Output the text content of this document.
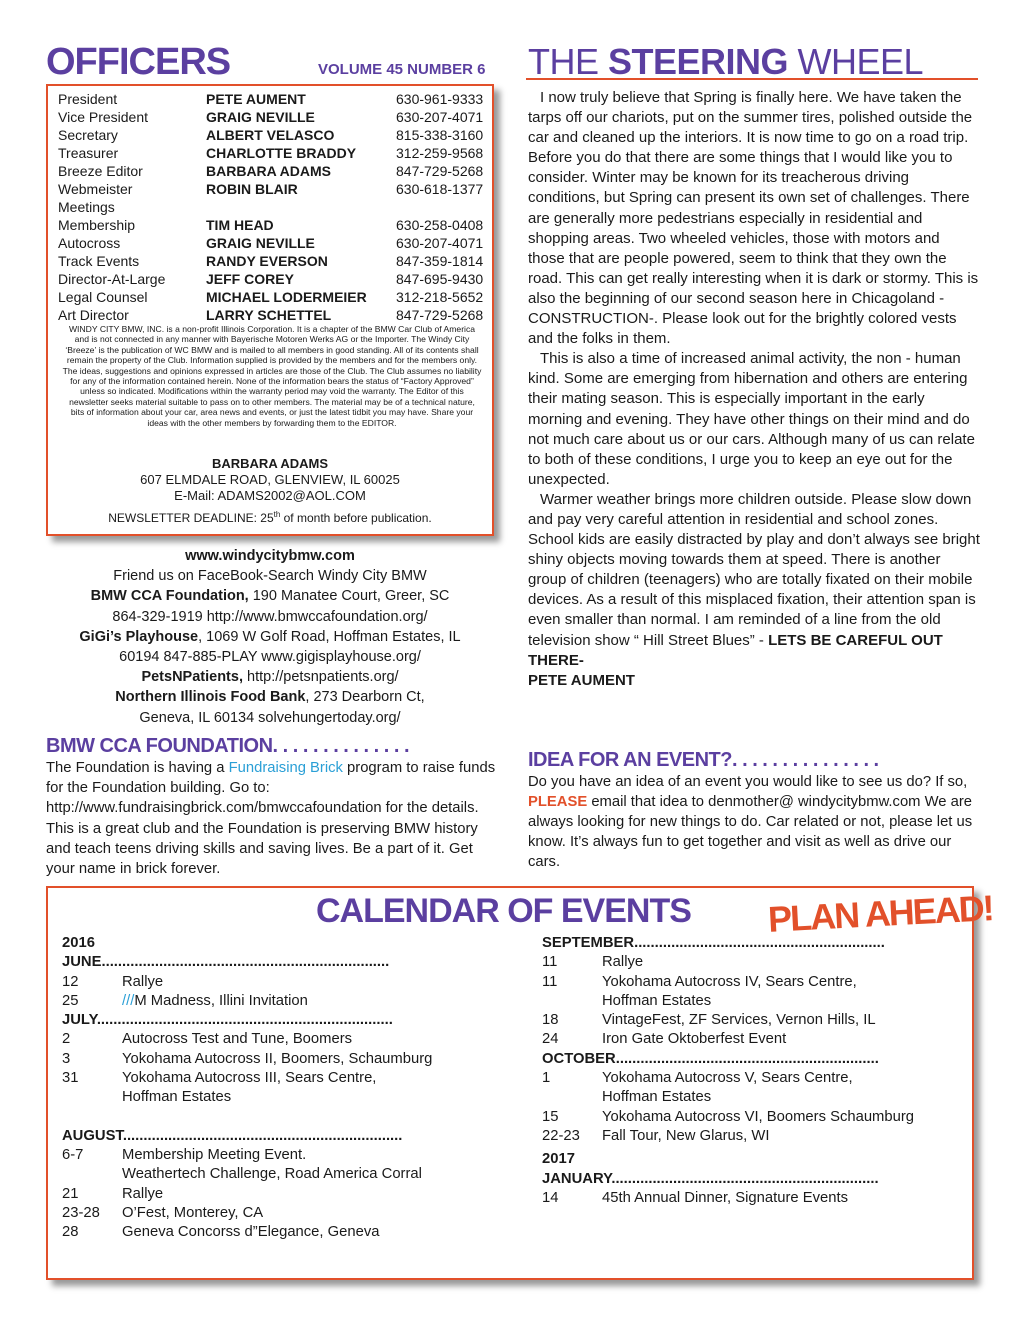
OFFICERS	VOLUME 45 NUMBER 6
President	PETE AUMENT	630-961-9333
Vice President	GRAIG NEVILLE	630-207-4071
Secretary	ALBERT VELASCO	815-338-3160
Treasurer	CHARLOTTE BRADDY	312-259-9568
Breeze Editor	BARBARA ADAMS	847-729-5268
Webmeister	ROBIN BLAIR	630-618-1377
Meetings
Membership	TIM HEAD	630-258-0408
Autocross	GRAIG NEVILLE	630-207-4071
Track Events	RANDY EVERSON	847-359-1814
Director-At-Large	JEFF COREY	847-695-9430
Legal Counsel	MICHAEL LODERMEIER 312-218-5652
Art Director	LARRY SCHETTEL	847-729-5268
WINDY CITY BMW, INC. is a non-profit Illinois Corporation. It is a chapter of the BMW Car Club of America and is not connected in any manner with Bayerische Motoren Werks AG or the Importer. The Windy City ‘Breeze’ is the publication of WC BMW and is mailed to all members in good standing. All of its contents shall remain the property of the Club. Information supplied is provided by the members and for the members only. The ideas, suggestions and opinions expressed in articles are those of the Club. The Club assumes no liability for any of the information contained herein. None of the information bears the status of “Factory Approved” unless so indicated. Modifications within the warranty period may void the warranty. The Editor of this newsletter seeks material suitable to pass on to other members. The material may be of a technical nature, bits of information about your car, area news and events, or just the latest tidbit you may have. Share your ideas with the other members by forwarding them to the EDITOR.
BARBARA ADAMS
607 ELMDALE ROAD, GLENVIEW, IL 60025
E-Mail: ADAMS2002@AOL.COM
NEWSLETTER DEADLINE: 25th of month before publication.
www.windycitybmw.com
Friend us on FaceBook-Search Windy City BMW
BMW CCA Foundation, 190 Manatee Court, Greer, SC
864-329-1919 http://www.bmwccafoundation.org/
GiGi’s Playhouse, 1069 W Golf Road, Hoffman Estates, IL
60194 847-885-PLAY www.gigisplayhouse.org/
PetsNPatients, http://petsnpatients.org/
Northern Illinois Food Bank, 273 Dearborn Ct,
Geneva, IL 60134 solvehungertoday.org/
BMW CCA FOUNDATION. . . . . . . . . . . . . .
The Foundation is having a Fundraising Brick program to raise funds for the Foundation building. Go to: http://www.fundraisingbrick.com/bmwccafoundation for the details. This is a great club and the Foundation is preserving BMW history and teach teens driving skills and saving lives. Be a part of it. Get your name in brick forever.
THE STEERING WHEEL

I now truly believe that Spring is finally here. We have taken the tarps off our chariots, put on the summer tires, polished outside the car and cleaned up the interiors. It is now time to go on a road trip. Before you do that there are some things that I would like you to consider. Winter may be known for its treacherous driving conditions, but Spring can present its own set of challenges. There are generally more pedestrians especially in residential and shopping areas. Two wheeled vehicles, those with motors and those that are people powered, seem to think that they own the road. This can get really interesting when it is dark or stormy. This is also the beginning of our second season here in Chicagoland - CONSTRUCTION-. Please look out for the brightly colored vests and the folks in them.

This is also a time of increased animal activity, the non - human kind. Some are emerging from hibernation and others are entering their mating season. This is especially important in the early morning and evening. They have other things on their mind and do not much care about us or our cars. Although many of us can relate to both of these conditions, I urge you to keep an eye out for the unexpected.

Warmer weather brings more children outside. Please slow down and pay very careful attention in residential and school zones. School kids are easily distracted by play and don’t always see bright shiny objects moving towards them at speed. There is another group of children (teenagers) who are totally fixated on their mobile devices. As a result of this misplaced fixation, their attention span is even smaller than normal. I am reminded of a line from the old television show “ Hill Street Blues” - LETS BE CAREFUL OUT THERE-

PETE AUMENT
IDEA FOR AN EVENT?. . . . . . . . . . . . . . .
Do you have an idea of an event you would like to see us do? If so, PLEASE email that idea to denmother@ windycitybmw.com We are always looking for new things to do. Car related or not, please let us know. It’s always fun to get together and visit as well as drive our cars.
CALENDAR OF EVENTS PLAN AHEAD!
2016
JUNE......................................................................
12	Rallye
25	///M Madness, Illini Invitation
JULY........................................................................
2	Autocross Test and Tune, Boomers
3	Yokohama Autocross II, Boomers, Schaumburg
31	Yokohama Autocross III, Sears Centre,
Hoffman Estates
AUGUST....................................................................
6-7	Membership Meeting Event.
Weathertech Challenge, Road America Corral
21	Rallye
23-28 O’Fest, Monterey, CA
28	Geneva Concorss d”Elegance, Geneva
SEPTEMBER.............................................................
11	Rallye
11	Yokohama Autocross IV, Sears Centre,
Hoffman Estates
18	VintageFest, ZF Services, Vernon Hills, IL
24	Iron Gate Oktoberfest Event
OCTOBER................................................................
1	Yokohama Autocross V, Sears Centre,
Hoffman Estates
15	Yokohama Autocross VI, Boomers Schaumburg
22-23 Fall Tour, New Glarus, WI
2017
JANUARY.................................................................
14	45th Annual Dinner, Signature Events
